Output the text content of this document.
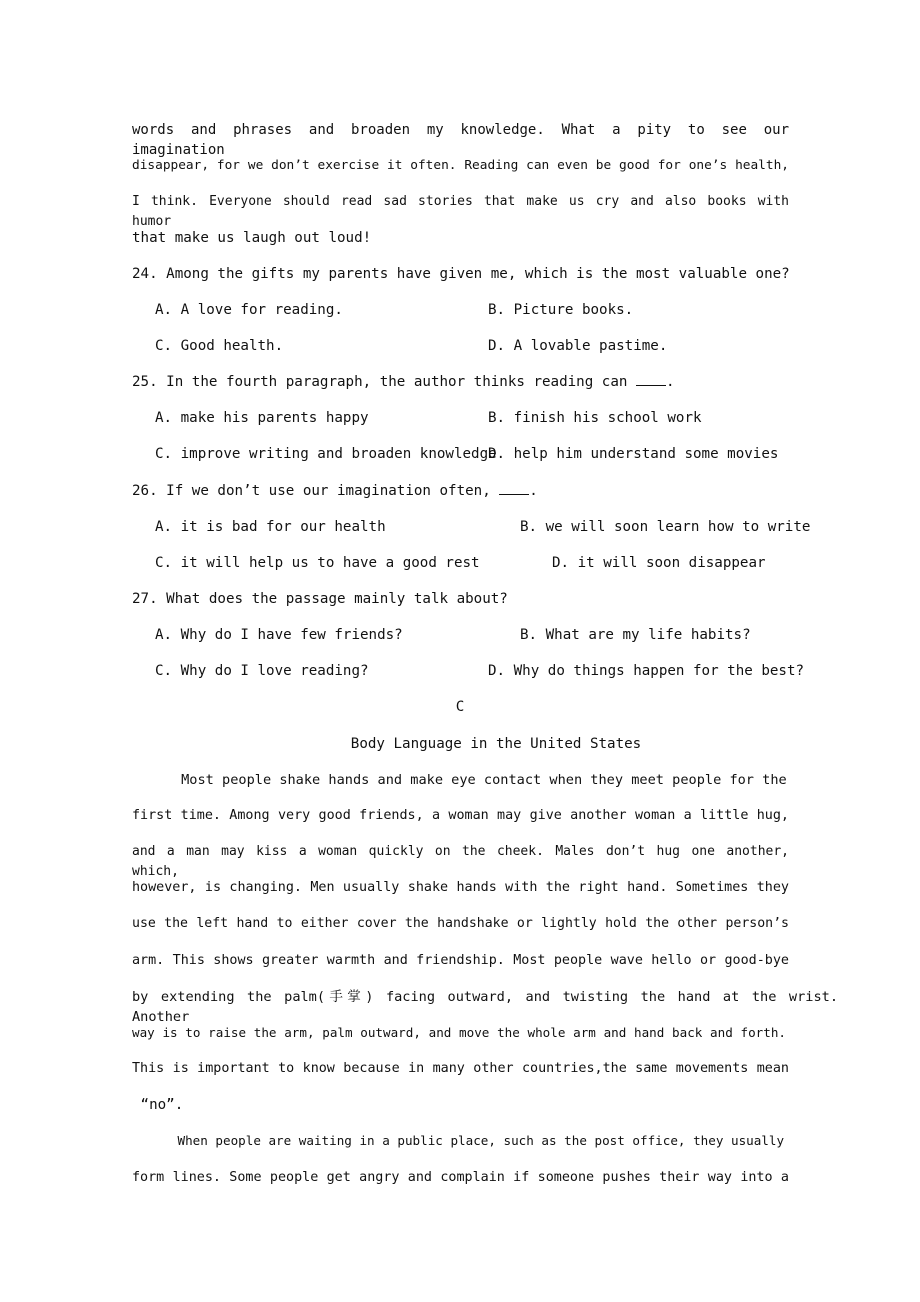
words and phrases and broaden my knowledge. What a pity to see our imagination
disappear, for we don’t exercise it often. Reading can even be good for one’s health,
I think. Everyone should read sad stories that make us cry and also books with humor
that make us laugh out loud!
24. Among the gifts my parents have given me, which is the most valuable one?
A. A love for reading.	B. Picture books.
C. Good health.	D. A lovable pastime.
25. In the fourth paragraph, the author thinks reading can .
A. make his parents happy	B. finish his school work
C. improve writing and broaden knowledge
D. help him understand some movies
26. If we don’t use our imagination often, .
A. it is bad for our health	B. we will soon learn how to write
C. it will help us to have a good rest	D. it will soon disappear
27. What does the passage mainly talk about?
A. Why do I have few friends?	B. What are my life habits?
C. Why do I love reading?	D. Why do things happen for the best?
C
Body Language in the United States
Most people shake hands and make eye contact when they meet people for the
first time. Among very good friends, a woman may give another woman a little hug,
and a man may kiss a woman quickly on the cheek. Males don’t hug one another, which,
however, is changing. Men usually shake hands with the right hand. Sometimes they
use the left hand to either cover the handshake or lightly hold the other person’s
arm. This shows greater warmth and friendship. Most people wave hello or good-bye
by extending the palm(手掌) facing outward, and twisting the hand at the wrist. Another
way is to raise the arm, palm outward, and move the whole arm and hand back and forth.
This is important to know because in many other countries,the same movements mean
“no”.
When people are waiting in a public place, such as the post office, they usually
form lines. Some people get angry and complain if someone pushes their way into a
